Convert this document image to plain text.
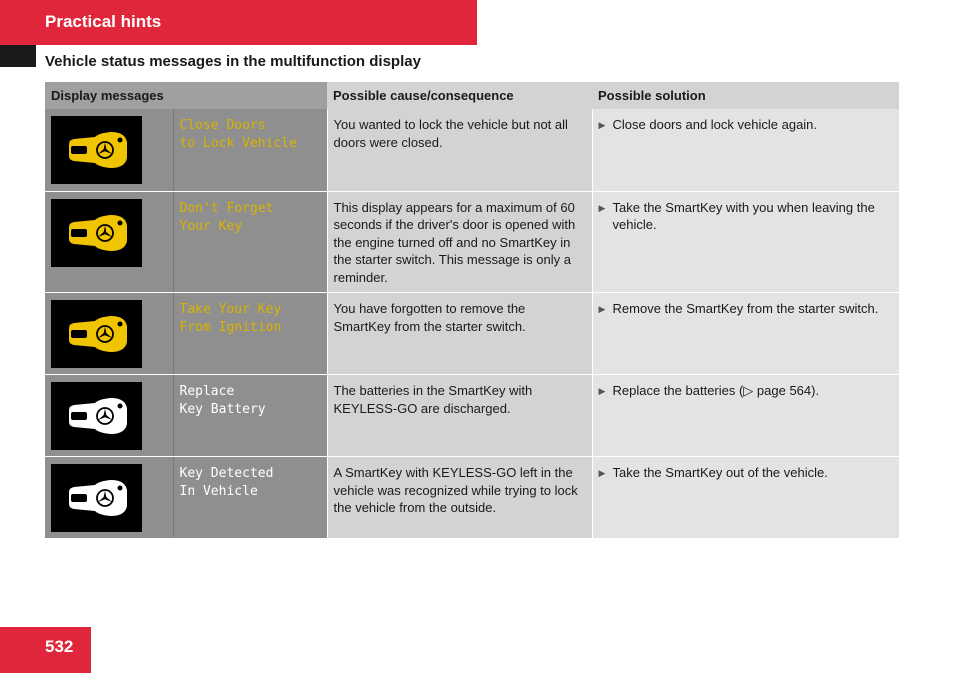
Practical hints
Vehicle status messages in the multifunction display
Display messages		Possible cause/consequence	Possible solution

	Close Doors
to Lock Vehicle	You wanted to lock the vehicle but not all doors were closed.	▶ Close doors and lock vehicle again.

	Don't Forget
Your Key	This display appears for a maximum of 60 seconds if the driver's door is opened with the engine turned off and no SmartKey in the starter switch. This message is only a reminder.	▶ Take the SmartKey with you when leaving the vehicle.

	Take Your Key
From Ignition	You have forgotten to remove the SmartKey from the starter switch.	▶ Remove the SmartKey from the starter switch.

	Replace
Key Battery	The batteries in the SmartKey with KEYLESS-GO are discharged.	▶ Replace the batteries (▷ page 564).

	Key Detected
In Vehicle	A SmartKey with KEYLESS-GO left in the vehicle was recognized while trying to lock the vehicle from the outside.	▶ Take the SmartKey out of the vehicle.
532
